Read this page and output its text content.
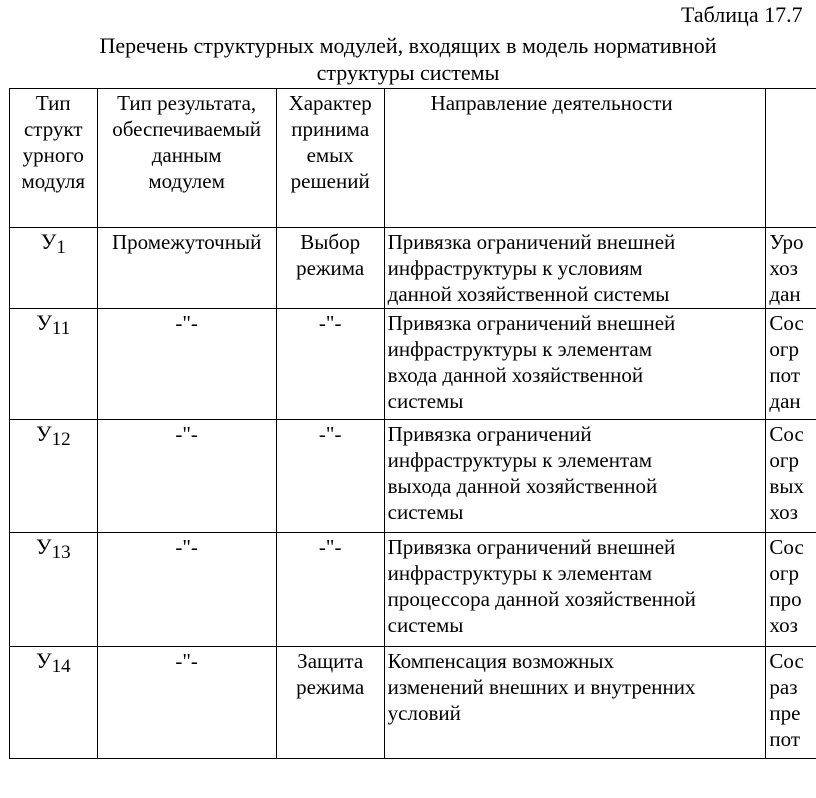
Таблица 17.7
Перечень структурных модулей, входящих в модель нормативной
структуры системы
Тип
структ
урного
модуля	Тип результата,
обеспечиваемый
данным
модулем	Характер
принима
емых
решений	Направление деятельности	

$У_1$	Промежуточный	Выбор
режима	Привязка ограничений внешней
инфраструктуры к условиям
данной хозяйственной системы	Уро
хоз
дан

$У_{11}$	-"-	-"-	Привязка ограничений внешней
инфраструктуры к элементам
входа данной хозяйственной
системы	Сос
огр
пот
дан

$У_{12}$	-"-	-"-	Привязка ограничений
инфраструктуры к элементам
выхода данной хозяйственной
системы	Сос
огр
вых
хоз

$У_{13}$	-"-	-"-	Привязка ограничений внешней
инфраструктуры к элементам
процессора данной хозяйственной
системы	Сос
огр
про
хоз

$У_{14}$	-"-	Защита
режима	Компенсация возможных
изменений внешних и внутренних
условий	Сос
раз
пре
пот
